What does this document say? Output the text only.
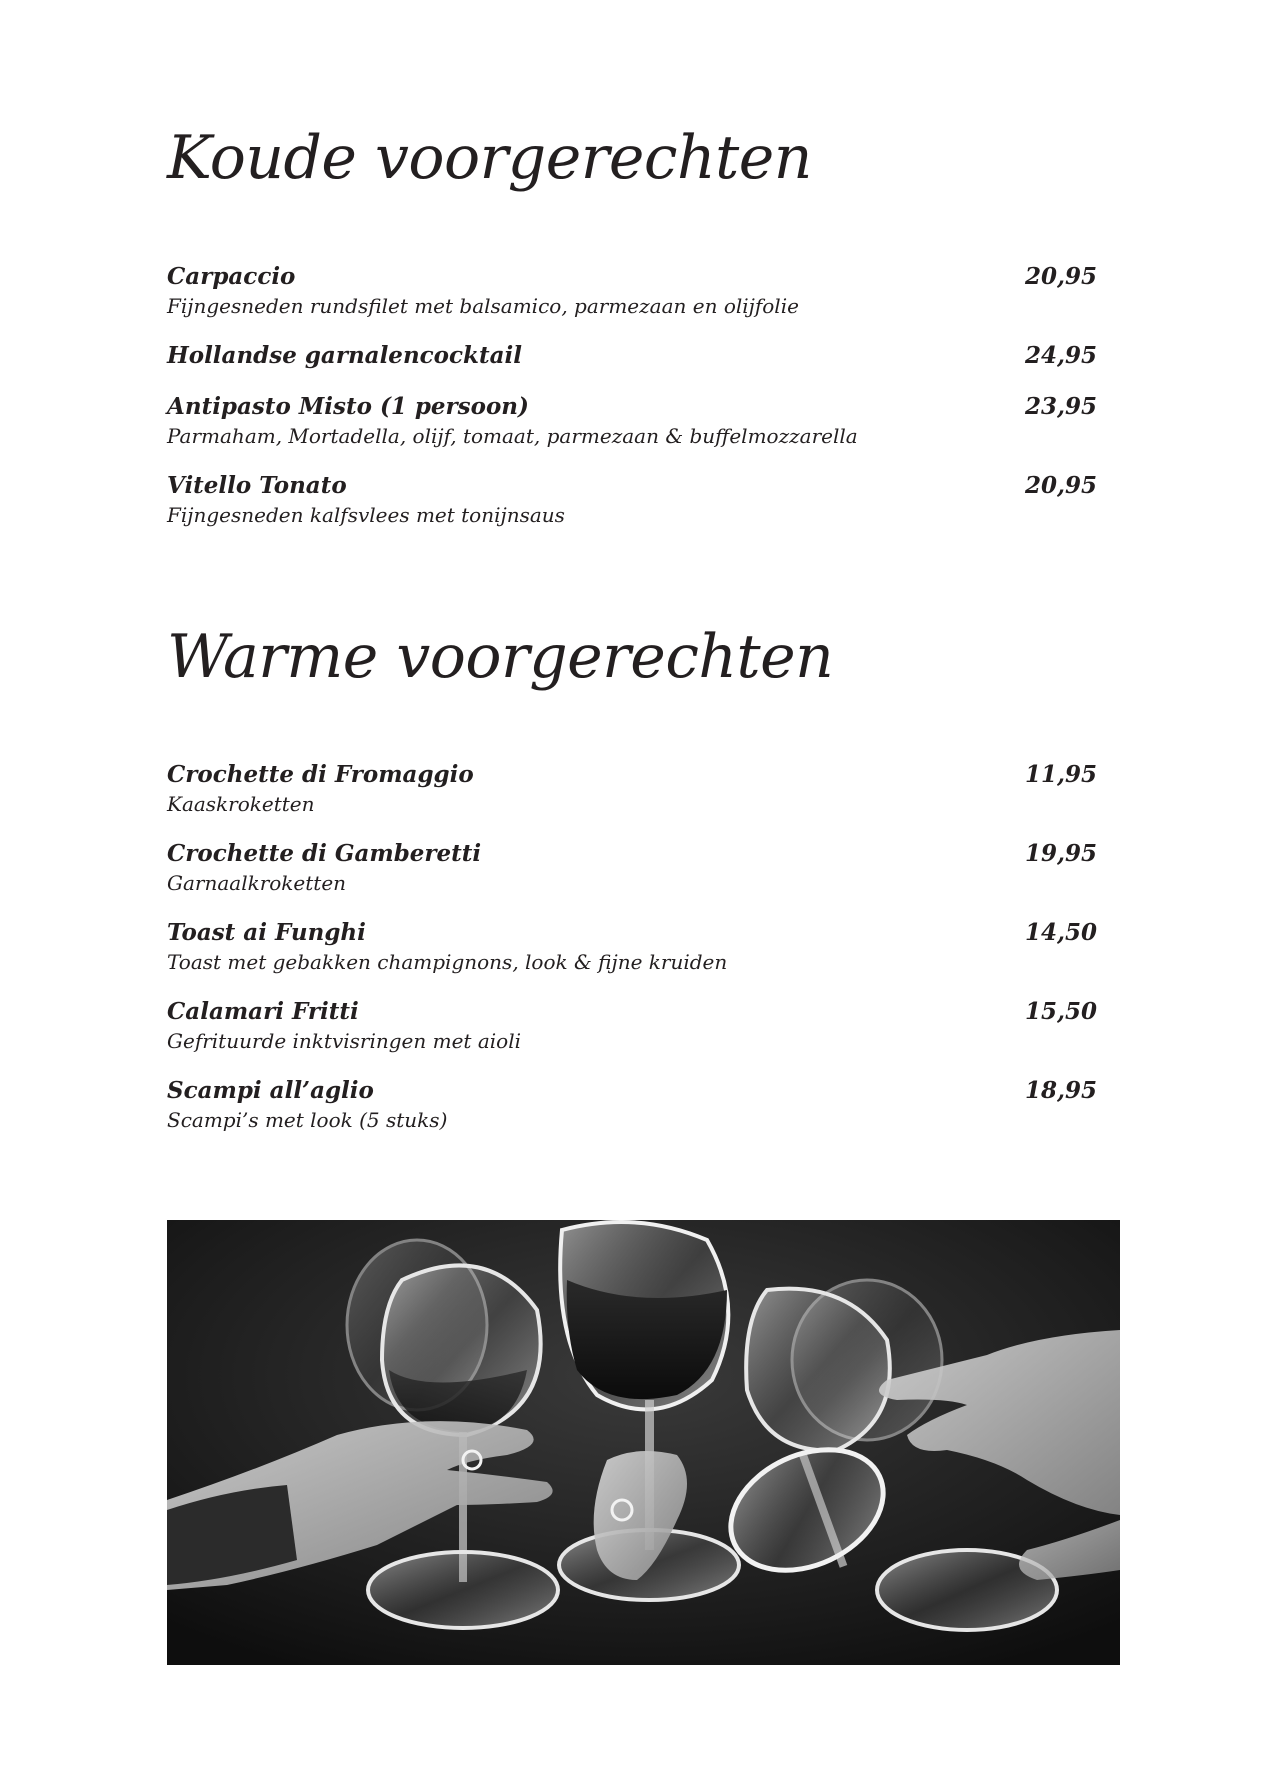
Koude voorgerechten
Carpaccio	20,95
Fijngesneden rundsfilet met balsamico, parmezaan en olijfolie
Hollandse garnalencocktail	24,95
Antipasto Misto (1 persoon)	23,95
Parmaham, Mortadella, olijf, tomaat, parmezaan & buffelmozzarella
Vitello Tonato	20,95
Fijngesneden kalfsvlees met tonijnsaus
Warme voorgerechten
Crochette di Fromaggio	11,95
Kaaskroketten
Crochette di Gamberetti	19,95
Garnaalkroketten
Toast ai Funghi	14,50
Toast met gebakken champignons, look & fijne kruiden
Calamari Fritti	15,50
Gefrituurde inktvisringen met aioli
Scampi all’aglio	18,95
Scampi’s met look (5 stuks)
